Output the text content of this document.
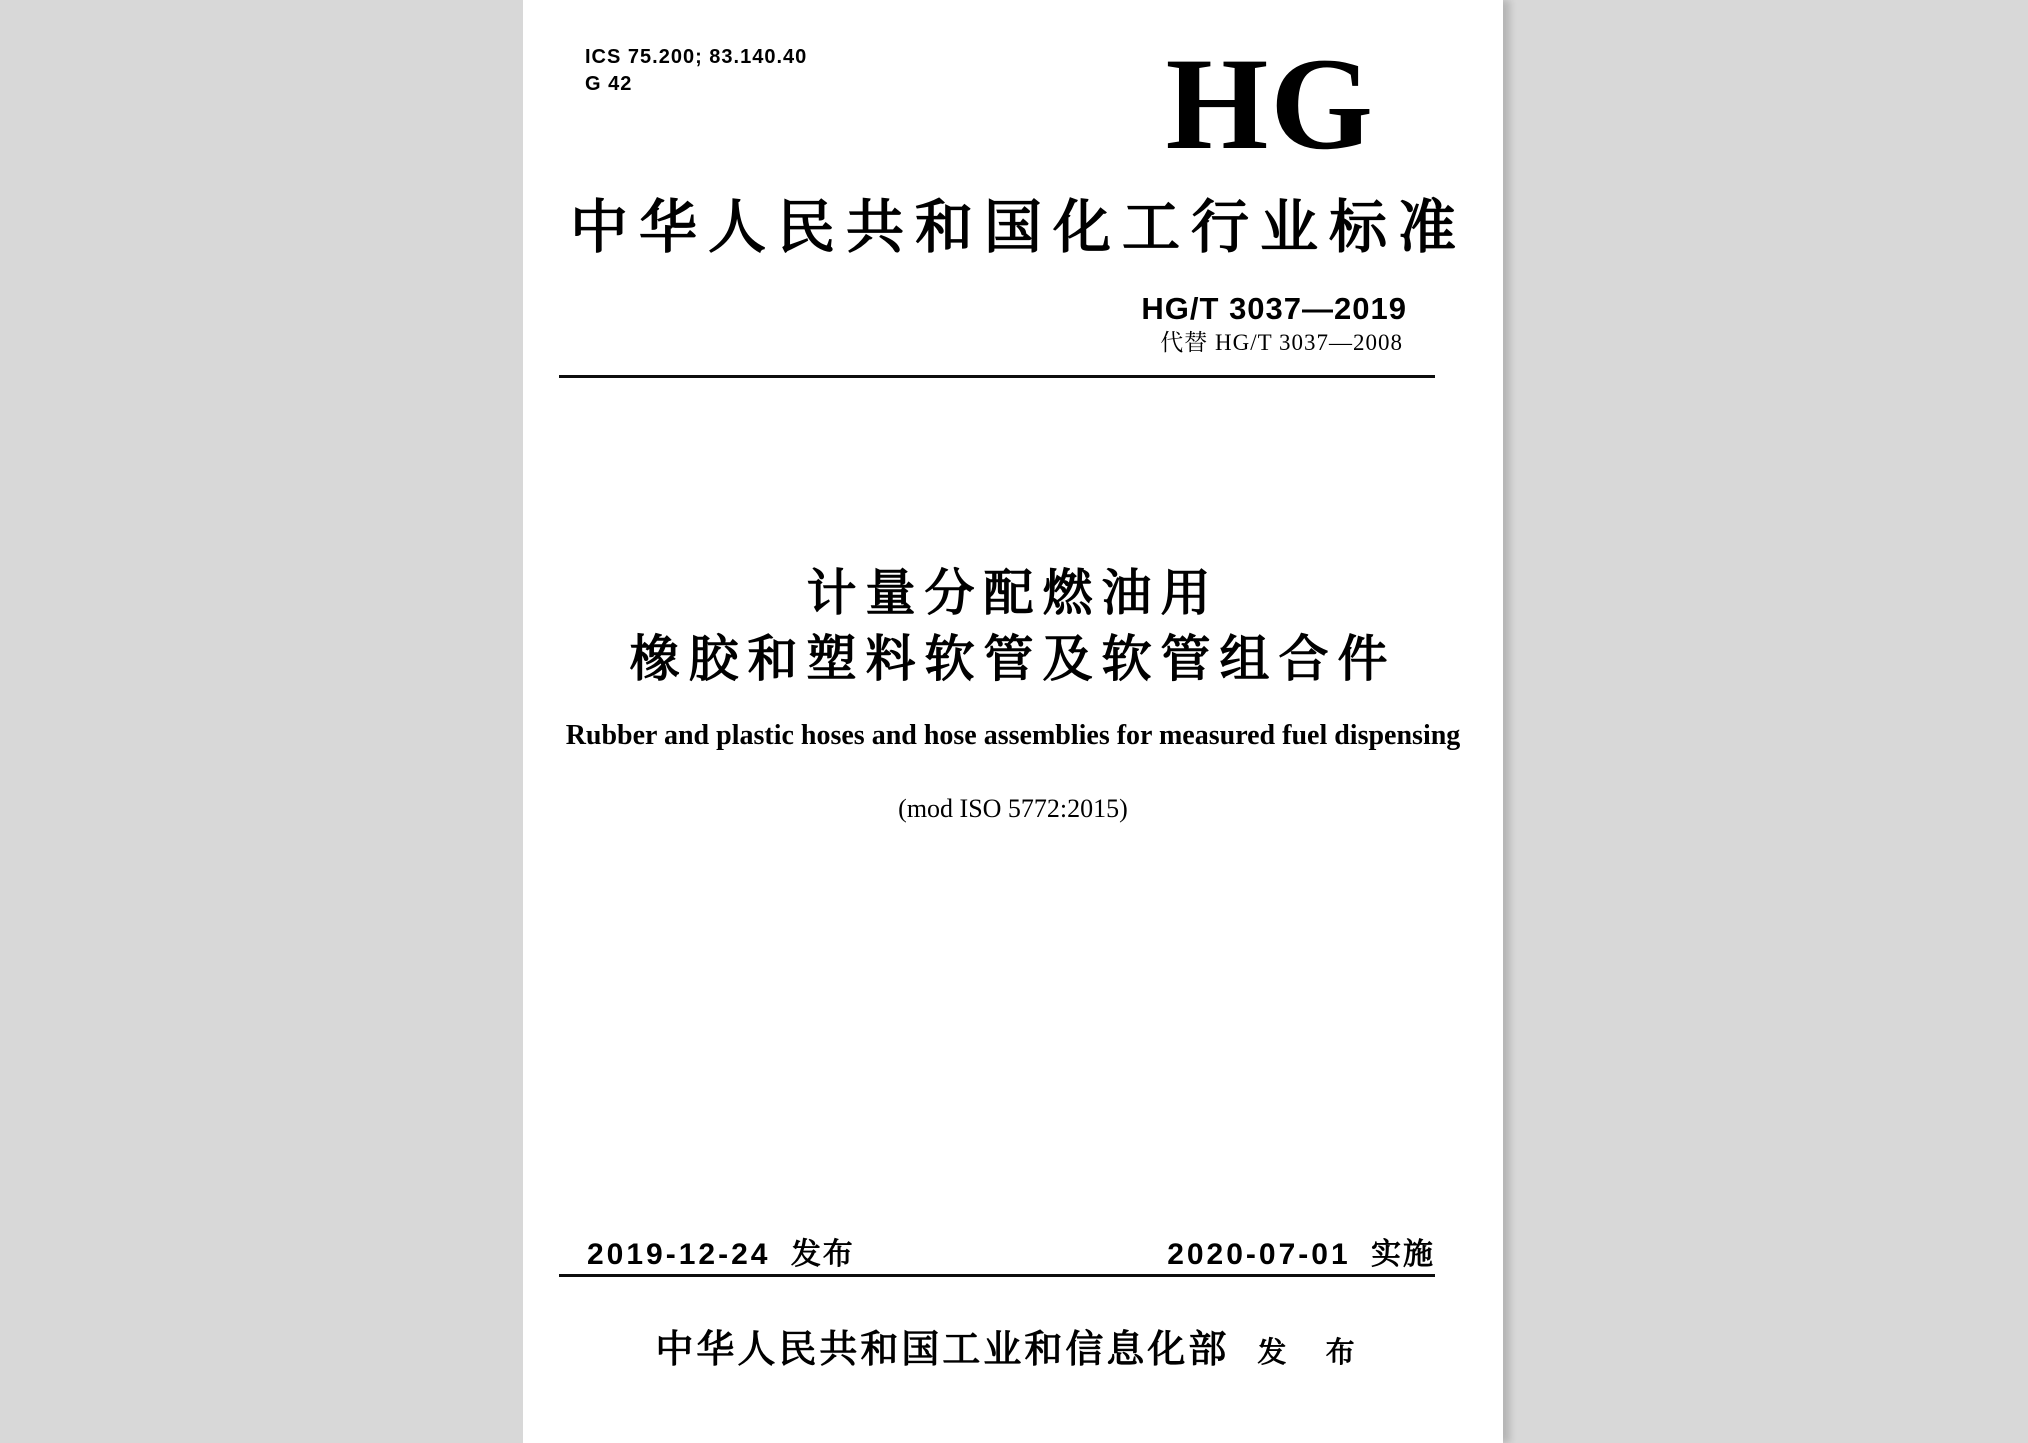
ICS 75.200; 83.140.40
G 42	HG
中华人民共和国化工行业标准
HG/T 3037—2019
代替 HG/T 3037—2008
计量分配燃油用
橡胶和塑料软管及软管组合件
Rubber and plastic hoses and hose assemblies for measured fuel dispensing
(mod ISO 5772:2015)
2019-12-24 发布	2020-07-01 实施
中华人民共和国工业和信息化部 发 布
